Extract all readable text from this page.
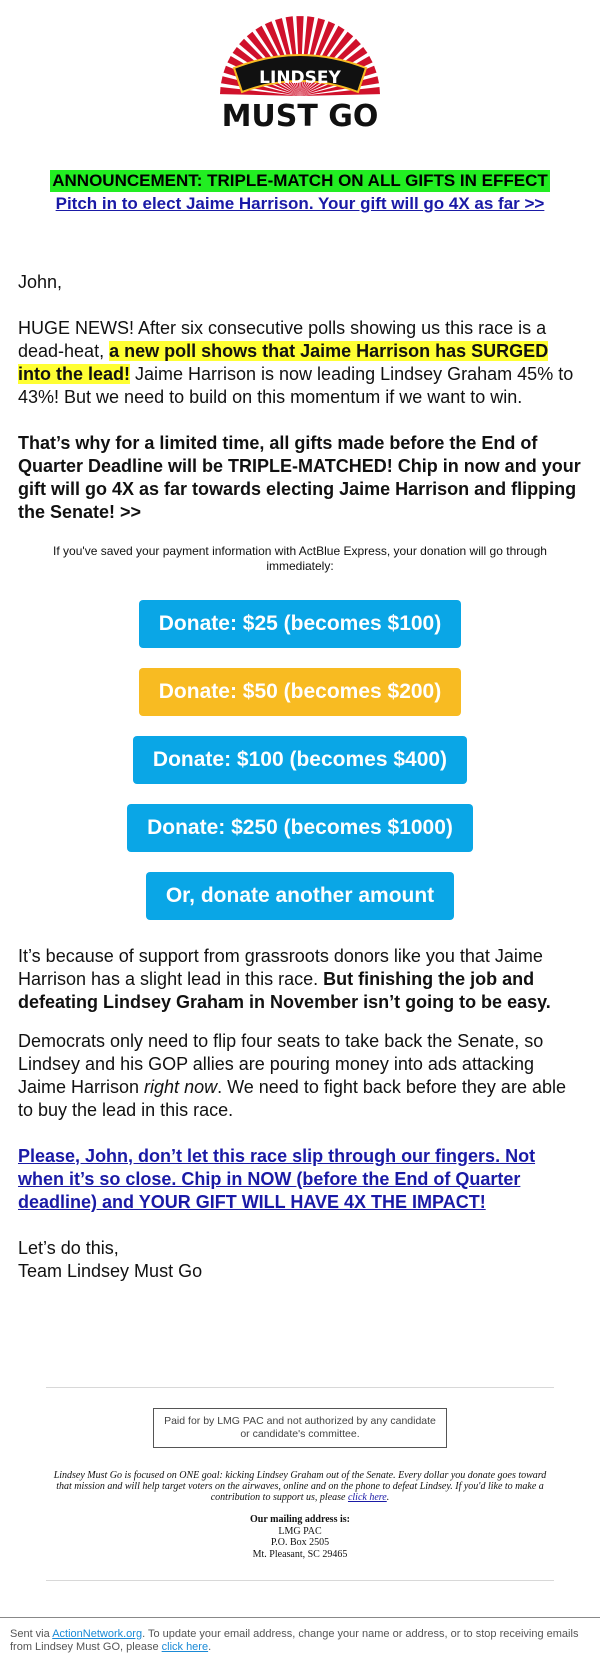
LINDSEY
MUST GO
ANNOUNCEMENT: TRIPLE-MATCH ON ALL GIFTS IN EFFECT
Pitch in to elect Jaime Harrison. Your gift will go 4X as far >>

John,

HUGE NEWS! After six consecutive polls showing us this race is a dead-heat, a new poll shows that Jaime Harrison has SURGED into the lead! Jaime Harrison is now leading Lindsey Graham 45% to 43%! But we need to build on this momentum if we want to win.

That’s why for a limited time, all gifts made before the End of Quarter Deadline will be TRIPLE-MATCHED! Chip in now and your gift will go 4X as far towards electing Jaime Harrison and flipping the Senate! >>

If you've saved your payment information with ActBlue Express, your donation will go through immediately:

Donate: $25 (becomes $100)
Donate: $50 (becomes $200)
Donate: $100 (becomes $400)
Donate: $250 (becomes $1000)
Or, donate another amount

It’s because of support from grassroots donors like you that Jaime Harrison has a slight lead in this race. But finishing the job and defeating Lindsey Graham in November isn’t going to be easy.

Democrats only need to flip four seats to take back the Senate, so Lindsey and his GOP allies are pouring money into ads attacking Jaime Harrison right now. We need to fight back before they are able to buy the lead in this race.

Please, John, don’t let this race slip through our fingers. Not when it’s so close. Chip in NOW (before the End of Quarter deadline) and YOUR GIFT WILL HAVE 4X THE IMPACT!

Let’s do this,
Team Lindsey Must Go

Paid for by LMG PAC and not authorized by any candidate or candidate's committee.

Lindsey Must Go is focused on ONE goal: kicking Lindsey Graham out of the Senate. Every dollar you donate goes toward that mission and will help target voters on the airwaves, online and on the phone to defeat Lindsey. If you'd like to make a contribution to support us, please click here.

Our mailing address is:
LMG PAC
P.O. Box 2505
Mt. Pleasant, SC 29465
Sent via ActionNetwork.org. To update your email address, change your name or address, or to stop receiving emails from Lindsey Must GO, please click here.
